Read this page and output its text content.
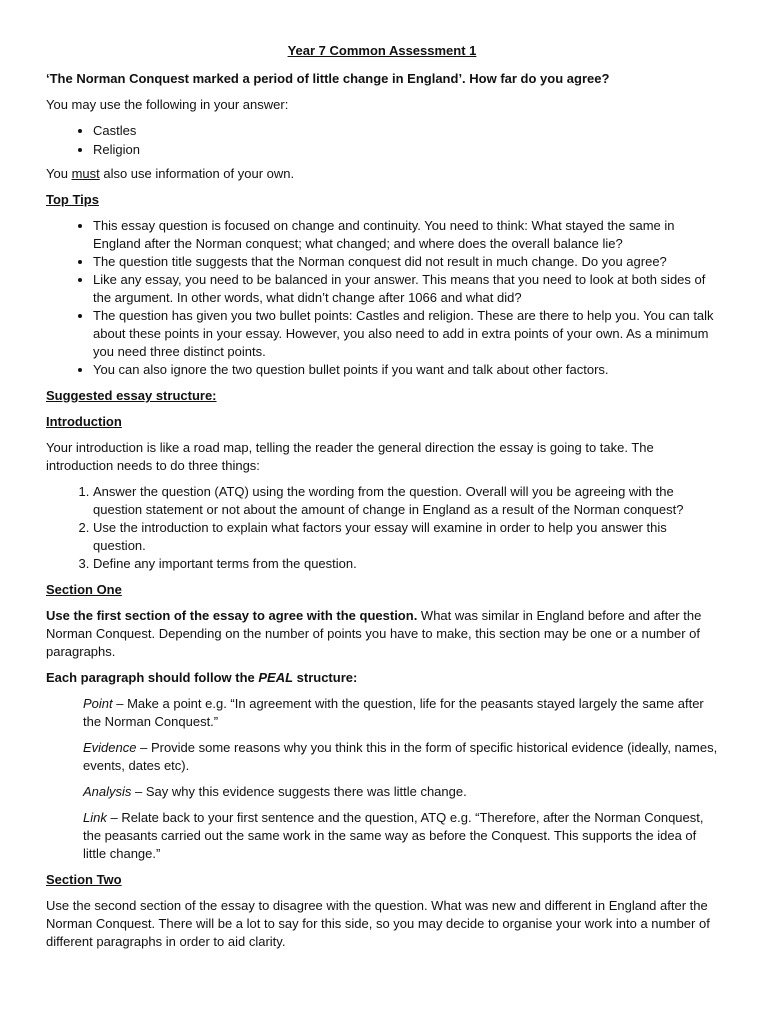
Year 7 Common Assessment 1
‘The Norman Conquest marked a period of little change in England’. How far do you agree?

You may use the following in your answer:

• Castles
• Religion

You must also use information of your own.

Top Tips
• This essay question is focused on change and continuity. You need to think: What stayed the same in England after the Norman conquest; what changed; and where does the overall balance lie?
• The question title suggests that the Norman conquest did not result in much change. Do you agree?
• Like any essay, you need to be balanced in your answer. This means that you need to look at both sides of the argument. In other words, what didn’t change after 1066 and what did?
• The question has given you two bullet points: Castles and religion. These are there to help you. You can talk about these points in your essay. However, you also need to add in extra points of your own. As a minimum you need three distinct points.
• You can also ignore the two question bullet points if you want and talk about other factors.
Suggested essay structure:
Introduction

Your introduction is like a road map, telling the reader the general direction the essay is going to take. The introduction needs to do three things:

1. Answer the question (ATQ) using the wording from the question. Overall will you be agreeing with the question statement or not about the amount of change in England as a result of the Norman conquest?
2. Use the introduction to explain what factors your essay will examine in order to help you answer this question.
3. Define any important terms from the question.
Section One

Use the first section of the essay to agree with the question. What was similar in England before and after the Norman Conquest. Depending on the number of points you have to make, this section may be one or a number of paragraphs.

Each paragraph should follow the PEAL structure:

Point – Make a point e.g. “In agreement with the question, life for the peasants stayed largely the same after the Norman Conquest.”

Evidence – Provide some reasons why you think this in the form of specific historical evidence (ideally, names, events, dates etc).

Analysis – Say why this evidence suggests there was little change.

Link – Relate back to your first sentence and the question, ATQ e.g. “Therefore, after the Norman Conquest, the peasants carried out the same work in the same way as before the Conquest. This supports the idea of little change.”

Section Two

Use the second section of the essay to disagree with the question. What was new and different in England after the Norman Conquest. There will be a lot to say for this side, so you may decide to organise your work into a number of different paragraphs in order to aid clarity.
